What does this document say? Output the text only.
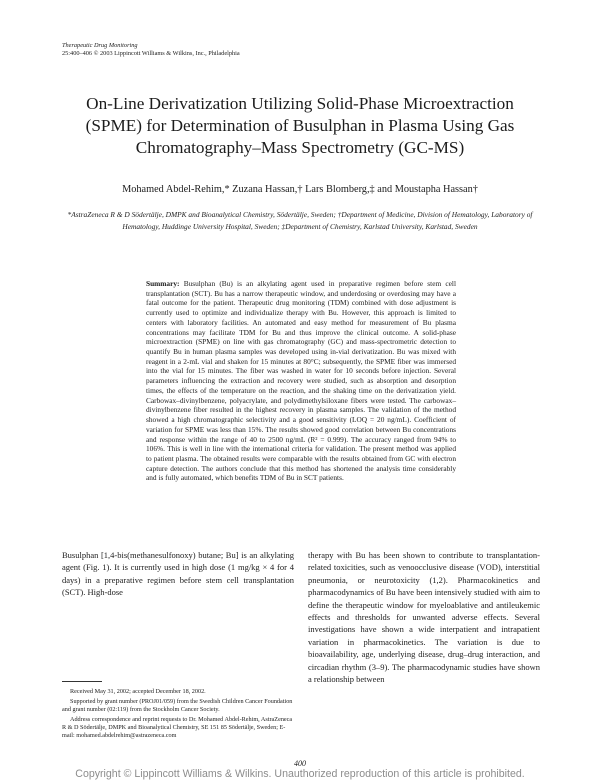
Therapeutic Drug Monitoring
25:400–406 © 2003 Lippincott Williams & Wilkins, Inc., Philadelphia
On-Line Derivatization Utilizing Solid-Phase Microextraction (SPME) for Determination of Busulphan in Plasma Using Gas Chromatography–Mass Spectrometry (GC-MS)
Mohamed Abdel-Rehim,* Zuzana Hassan,† Lars Blomberg,‡ and Moustapha Hassan†
*AstraZeneca R & D Södertälje, DMPK and Bioanalytical Chemistry, Södertälje, Sweden; †Department of Medicine, Division of Hematology, Laboratory of Hematology, Huddinge University Hospital, Sweden; ‡Department of Chemistry, Karlstad University, Karlstad, Sweden
Summary: Busulphan (Bu) is an alkylating agent used in preparative regimen before stem cell transplantation (SCT). Bu has a narrow therapeutic window, and underdosing or overdosing may have a fatal outcome for the patient. Therapeutic drug monitoring (TDM) combined with dose adjustment is currently used to optimize and individualize therapy with Bu. However, this approach is limited to centers with laboratory facilities. An automated and easy method for measurement of Bu plasma concentrations may facilitate TDM for Bu and thus improve the clinical outcome. A solid-phase microextraction (SPME) on line with gas chromatography (GC) and mass-spectrometric detection to quantify Bu in human plasma samples was developed using in-vial derivatization. Bu was mixed with reagent in a 2-mL vial and shaken for 15 minutes at 80°C; subsequently, the SPME fiber was immersed into the vial for 15 minutes. The fiber was washed in water for 10 seconds before injection. Several parameters influencing the extraction and recovery were studied, such as absorption and desorption times, the effects of the temperature on the reaction, and the shaking time on the derivatization yield. Carbowax–divinylbenzene, polyacrylate, and polydimethylsiloxane fibers were tested. The carbowax–divinylbenzene fiber resulted in the highest recovery in plasma samples. The validation of the method showed a high chromatographic selectivity and a good sensitivity (LOQ = 20 ng/mL). Coefficient of variation for SPME was less than 15%. The results showed good correlation between Bu concentrations and response within the range of 40 to 2500 ng/mL (R² = 0.999). The accuracy ranged from 94% to 106%. This is well in line with the international criteria for validation. The present method was applied to patient plasma. The obtained results were comparable with the results obtained from GC with electron capture detection. The authors conclude that this method has shortened the analysis time considerably and is fully automated, which benefits TDM of Bu in SCT patients.
Busulphan [1,4-bis(methanesulfonoxy) butane; Bu] is an alkylating agent (Fig. 1). It is currently used in high dose (1 mg/kg × 4 for 4 days) in a preparative regimen before stem cell transplantation (SCT). High-dose
therapy with Bu has been shown to contribute to transplantation-related toxicities, such as venoocclusive disease (VOD), interstitial pneumonia, or neurotoxicity (1,2). Pharmacokinetics and pharmacodynamics of Bu have been intensively studied with aim to define the therapeutic window for myeloablative and antileukemic effects and thresholds for unwanted adverse effects. Several investigations have shown a wide interpatient and intrapatient variation in pharmacokinetics. The variation is due to bioavailability, age, underlying disease, drug–drug interaction, and circadian rhythm (3–9). The pharmacodynamic studies have shown a relationship between

Received May 31, 2002; accepted December 18, 2002.

Supported by grant number (PROJ01/059) from the Swedish Children Cancer Foundation and grant number (02:119) from the Stockholm Cancer Society.

Address correspondence and reprint requests to Dr. Mohamed Abdel-Rehim, AstraZeneca R & D Södertälje, DMPK and Bioanalytical Chemistry, SE 151 85 Södertälje, Sweden; E-mail: mohamed.abdelrehim@astrazeneca.com

400
Copyright © Lippincott Williams & Wilkins. Unauthorized reproduction of this article is prohibited.
